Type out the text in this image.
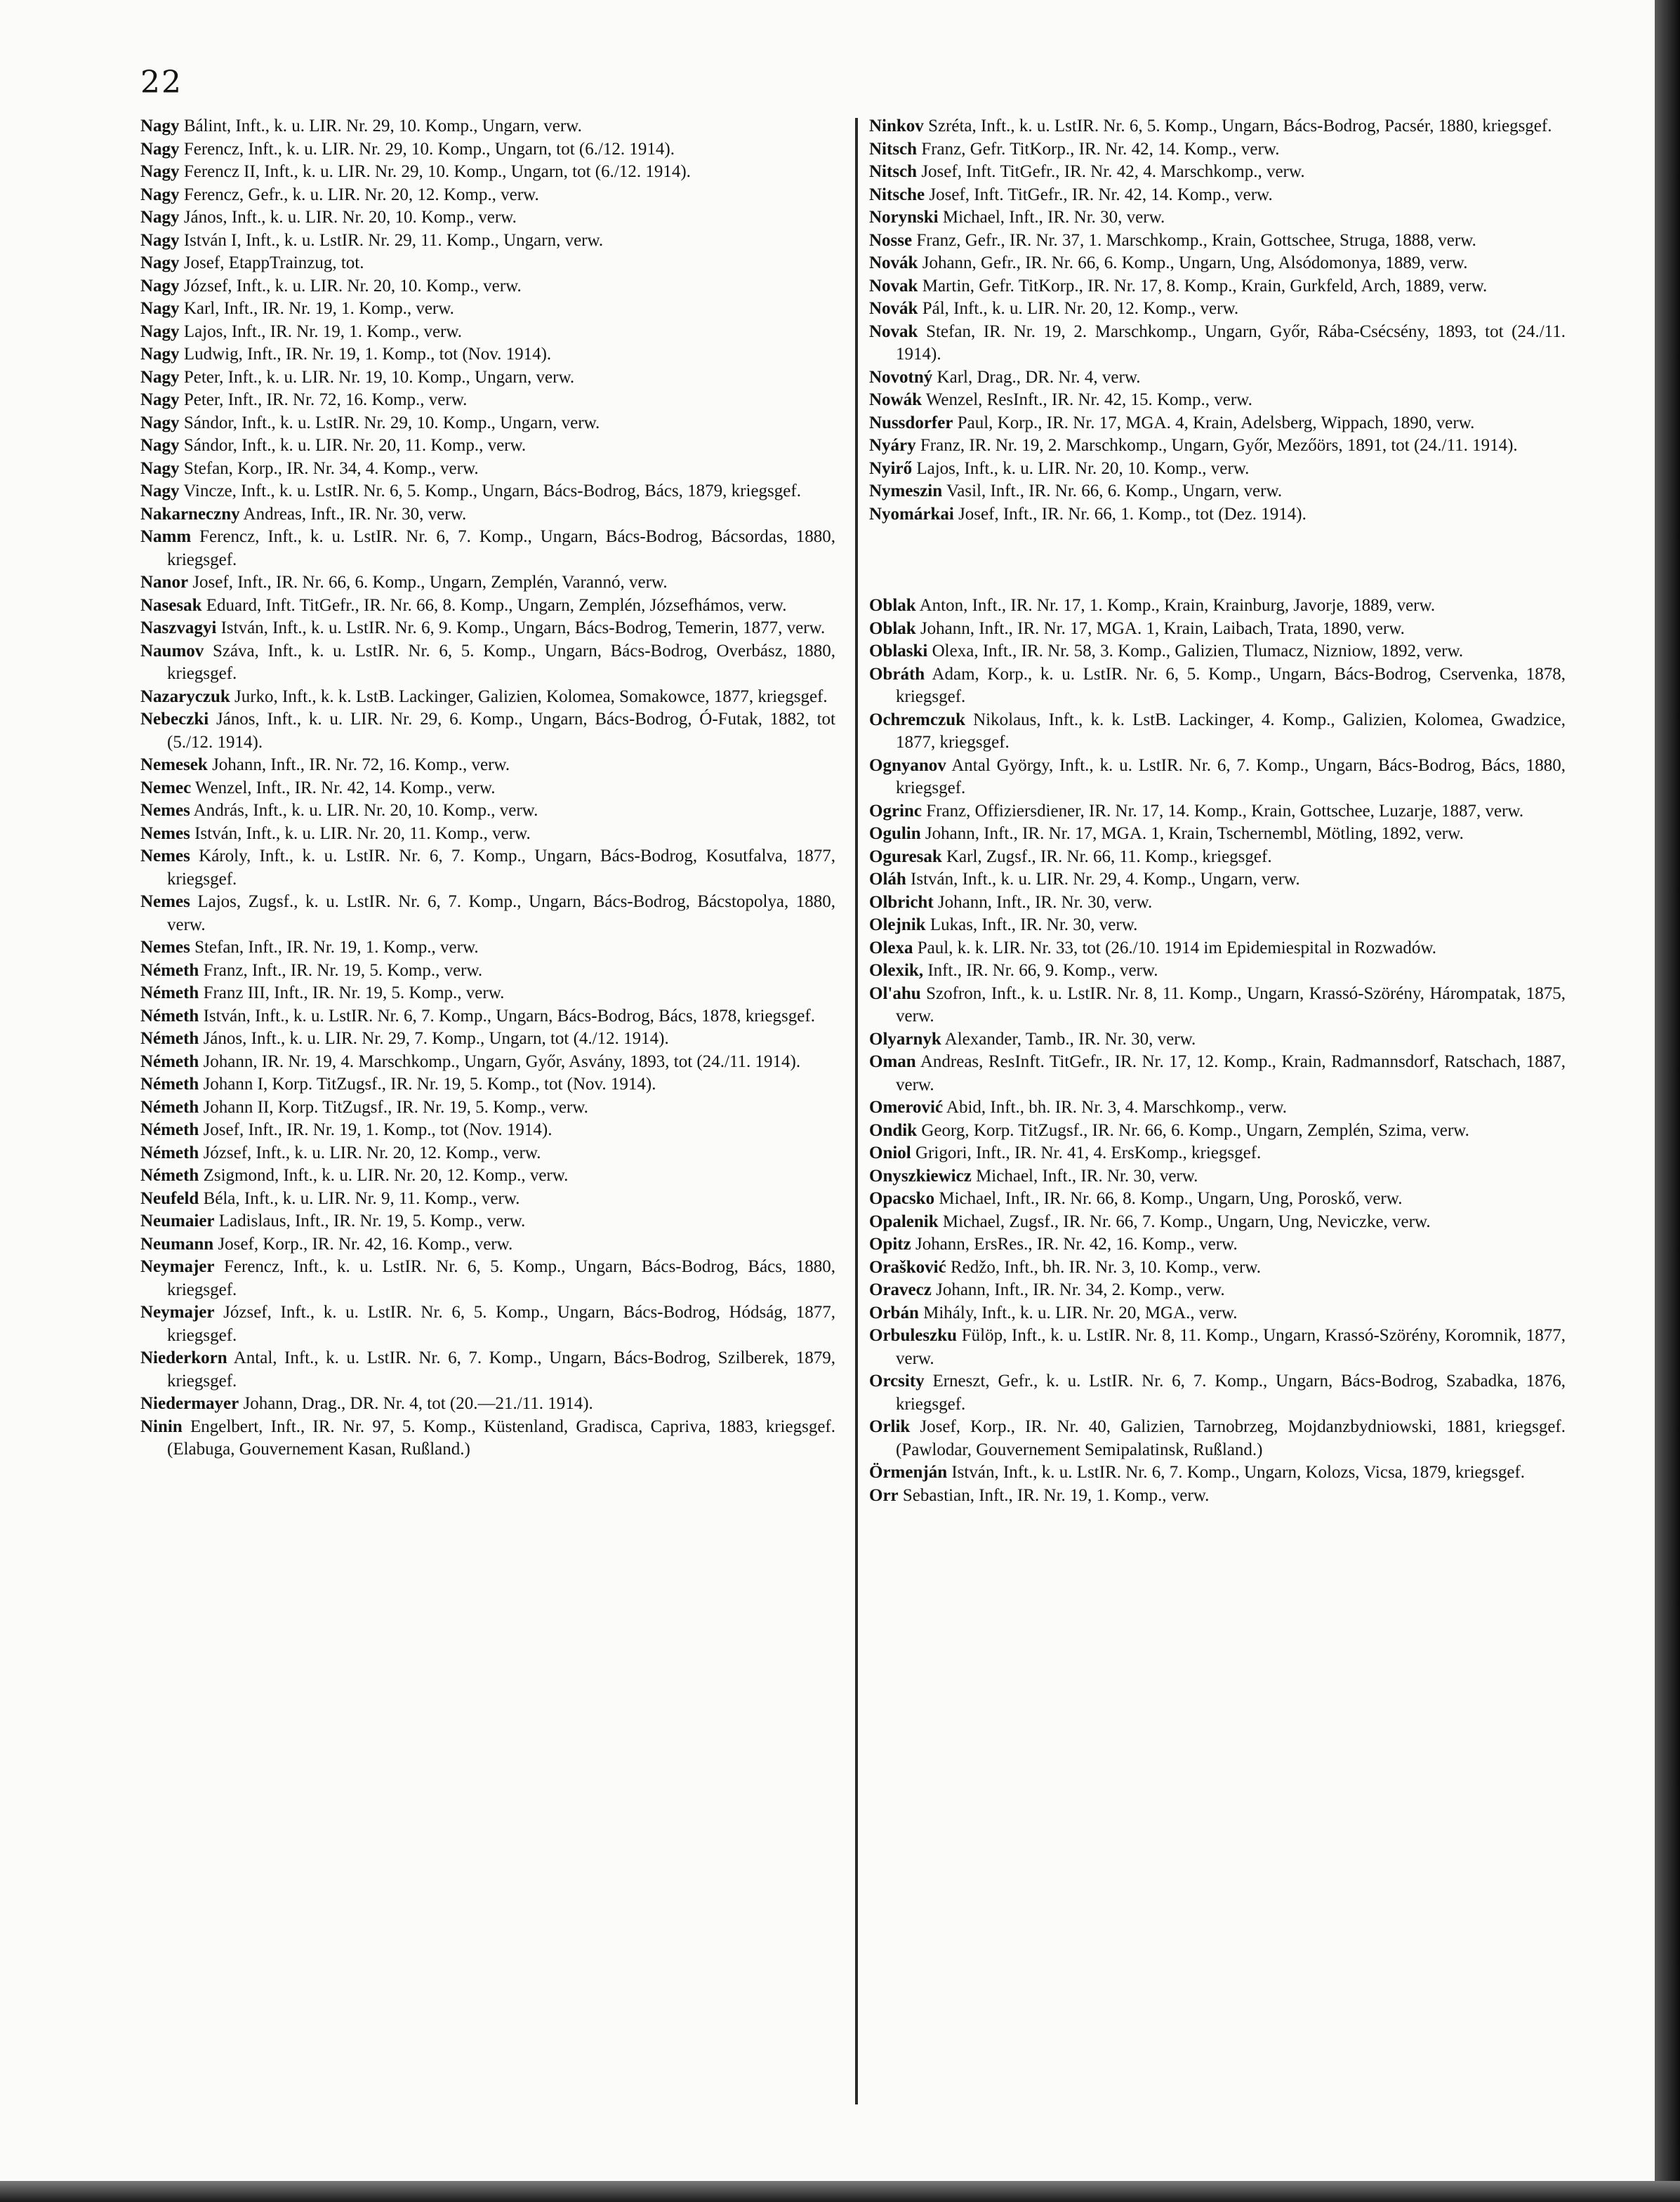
22

Nagy Bálint, Inft., k. u. LIR. Nr. 29, 10. Komp., Ungarn, verw.

Nagy Ferencz, Inft., k. u. LIR. Nr. 29, 10. Komp., Ungarn, tot (6./12. 1914).

Nagy Ferencz II, Inft., k. u. LIR. Nr. 29, 10. Komp., Ungarn, tot (6./12. 1914).

Nagy Ferencz, Gefr., k. u. LIR. Nr. 20, 12. Komp., verw.

Nagy János, Inft., k. u. LIR. Nr. 20, 10. Komp., verw.

Nagy István I, Inft., k. u. LstIR. Nr. 29, 11. Komp., Ungarn, verw.

Nagy Josef, EtappTrainzug, tot.

Nagy József, Inft., k. u. LIR. Nr. 20, 10. Komp., verw.

Nagy Karl, Inft., IR. Nr. 19, 1. Komp., verw.

Nagy Lajos, Inft., IR. Nr. 19, 1. Komp., verw.

Nagy Ludwig, Inft., IR. Nr. 19, 1. Komp., tot (Nov. 1914).

Nagy Peter, Inft., k. u. LIR. Nr. 19, 10. Komp., Ungarn, verw.

Nagy Peter, Inft., IR. Nr. 72, 16. Komp., verw.

Nagy Sándor, Inft., k. u. LstIR. Nr. 29, 10. Komp., Ungarn, verw.

Nagy Sándor, Inft., k. u. LIR. Nr. 20, 11. Komp., verw.

Nagy Stefan, Korp., IR. Nr. 34, 4. Komp., verw.

Nagy Vincze, Inft., k. u. LstIR. Nr. 6, 5. Komp., Ungarn, Bács-Bodrog, Bács, 1879, kriegsgef.

Nakarneczny Andreas, Inft., IR. Nr. 30, verw.

Namm Ferencz, Inft., k. u. LstIR. Nr. 6, 7. Komp., Ungarn, Bács-Bodrog, Bácsordas, 1880, kriegsgef.

Nanor Josef, Inft., IR. Nr. 66, 6. Komp., Ungarn, Zemplén, Varannó, verw.

Nasesak Eduard, Inft. TitGefr., IR. Nr. 66, 8. Komp., Ungarn, Zemplén, Józsefhámos, verw.

Naszvagyi István, Inft., k. u. LstIR. Nr. 6, 9. Komp., Ungarn, Bács-Bodrog, Temerin, 1877, verw.

Naumov Száva, Inft., k. u. LstIR. Nr. 6, 5. Komp., Ungarn, Bács-Bodrog, Overbász, 1880, kriegsgef.

Nazaryczuk Jurko, Inft., k. k. LstB. Lackinger, Galizien, Kolomea, Somakowce, 1877, kriegsgef.

Nebeczki János, Inft., k. u. LIR. Nr. 29, 6. Komp., Ungarn, Bács-Bodrog, Ó-Futak, 1882, tot (5./12. 1914).

Nemesek Johann, Inft., IR. Nr. 72, 16. Komp., verw.

Nemec Wenzel, Inft., IR. Nr. 42, 14. Komp., verw.

Nemes András, Inft., k. u. LIR. Nr. 20, 10. Komp., verw.

Nemes István, Inft., k. u. LIR. Nr. 20, 11. Komp., verw.

Nemes Károly, Inft., k. u. LstIR. Nr. 6, 7. Komp., Ungarn, Bács-Bodrog, Kosutfalva, 1877, kriegsgef.

Nemes Lajos, Zugsf., k. u. LstIR. Nr. 6, 7. Komp., Ungarn, Bács-Bodrog, Bácstopolya, 1880, verw.

Nemes Stefan, Inft., IR. Nr. 19, 1. Komp., verw.

Németh Franz, Inft., IR. Nr. 19, 5. Komp., verw.

Németh Franz III, Inft., IR. Nr. 19, 5. Komp., verw.

Németh István, Inft., k. u. LstIR. Nr. 6, 7. Komp., Ungarn, Bács-Bodrog, Bács, 1878, kriegsgef.

Németh János, Inft., k. u. LIR. Nr. 29, 7. Komp., Ungarn, tot (4./12. 1914).

Németh Johann, IR. Nr. 19, 4. Marschkomp., Ungarn, Győr, Asvány, 1893, tot (24./11. 1914).

Németh Johann I, Korp. TitZugsf., IR. Nr. 19, 5. Komp., tot (Nov. 1914).

Németh Johann II, Korp. TitZugsf., IR. Nr. 19, 5. Komp., verw.

Németh Josef, Inft., IR. Nr. 19, 1. Komp., tot (Nov. 1914).

Németh József, Inft., k. u. LIR. Nr. 20, 12. Komp., verw.

Németh Zsigmond, Inft., k. u. LIR. Nr. 20, 12. Komp., verw.

Neufeld Béla, Inft., k. u. LIR. Nr. 9, 11. Komp., verw.

Neumaier Ladislaus, Inft., IR. Nr. 19, 5. Komp., verw.

Neumann Josef, Korp., IR. Nr. 42, 16. Komp., verw.

Neymajer Ferencz, Inft., k. u. LstIR. Nr. 6, 5. Komp., Ungarn, Bács-Bodrog, Bács, 1880, kriegsgef.

Neymajer József, Inft., k. u. LstIR. Nr. 6, 5. Komp., Ungarn, Bács-Bodrog, Hódság, 1877, kriegsgef.

Niederkorn Antal, Inft., k. u. LstIR. Nr. 6, 7. Komp., Ungarn, Bács-Bodrog, Szilberek, 1879, kriegsgef.

Niedermayer Johann, Drag., DR. Nr. 4, tot (20.—21./11. 1914).

Ninin Engelbert, Inft., IR. Nr. 97, 5. Komp., Küstenland, Gradisca, Capriva, 1883, kriegsgef. (Elabuga, Gouvernement Kasan, Rußland.)

Ninkov Szréta, Inft., k. u. LstIR. Nr. 6, 5. Komp., Ungarn, Bács-Bodrog, Pacsér, 1880, kriegsgef.

Nitsch Franz, Gefr. TitKorp., IR. Nr. 42, 14. Komp., verw.

Nitsch Josef, Inft. TitGefr., IR. Nr. 42, 4. Marschkomp., verw.

Nitsche Josef, Inft. TitGefr., IR. Nr. 42, 14. Komp., verw.

Norynski Michael, Inft., IR. Nr. 30, verw.

Nosse Franz, Gefr., IR. Nr. 37, 1. Marschkomp., Krain, Gottschee, Struga, 1888, verw.

Novák Johann, Gefr., IR. Nr. 66, 6. Komp., Ungarn, Ung, Alsódomonya, 1889, verw.

Novak Martin, Gefr. TitKorp., IR. Nr. 17, 8. Komp., Krain, Gurkfeld, Arch, 1889, verw.

Novák Pál, Inft., k. u. LIR. Nr. 20, 12. Komp., verw.

Novak Stefan, IR. Nr. 19, 2. Marschkomp., Ungarn, Győr, Rába-Csécsény, 1893, tot (24./11. 1914).

Novotný Karl, Drag., DR. Nr. 4, verw.

Nowák Wenzel, ResInft., IR. Nr. 42, 15. Komp., verw.

Nussdorfer Paul, Korp., IR. Nr. 17, MGA. 4, Krain, Adelsberg, Wippach, 1890, verw.

Nyáry Franz, IR. Nr. 19, 2. Marschkomp., Ungarn, Győr, Mezőörs, 1891, tot (24./11. 1914).

Nyirő Lajos, Inft., k. u. LIR. Nr. 20, 10. Komp., verw.

Nymeszin Vasil, Inft., IR. Nr. 66, 6. Komp., Ungarn, verw.

Nyomárkai Josef, Inft., IR. Nr. 66, 1. Komp., tot (Dez. 1914).

Oblak Anton, Inft., IR. Nr. 17, 1. Komp., Krain, Krainburg, Javorje, 1889, verw.

Oblak Johann, Inft., IR. Nr. 17, MGA. 1, Krain, Laibach, Trata, 1890, verw.

Oblaski Olexa, Inft., IR. Nr. 58, 3. Komp., Galizien, Tlumacz, Nizniow, 1892, verw.

Obráth Adam, Korp., k. u. LstIR. Nr. 6, 5. Komp., Ungarn, Bács-Bodrog, Cservenka, 1878, kriegsgef.

Ochremczuk Nikolaus, Inft., k. k. LstB. Lackinger, 4. Komp., Galizien, Kolomea, Gwadzice, 1877, kriegsgef.

Ognyanov Antal György, Inft., k. u. LstIR. Nr. 6, 7. Komp., Ungarn, Bács-Bodrog, Bács, 1880, kriegsgef.

Ogrinc Franz, Offiziersdiener, IR. Nr. 17, 14. Komp., Krain, Gottschee, Luzarje, 1887, verw.

Ogulin Johann, Inft., IR. Nr. 17, MGA. 1, Krain, Tschernembl, Mötling, 1892, verw.

Oguresak Karl, Zugsf., IR. Nr. 66, 11. Komp., kriegsgef.

Oláh István, Inft., k. u. LIR. Nr. 29, 4. Komp., Ungarn, verw.

Olbricht Johann, Inft., IR. Nr. 30, verw.

Olejnik Lukas, Inft., IR. Nr. 30, verw.

Olexa Paul, k. k. LIR. Nr. 33, tot (26./10. 1914 im Epidemiespital in Rozwadów.

Olexik, Inft., IR. Nr. 66, 9. Komp., verw.

Ol'ahu Szofron, Inft., k. u. LstIR. Nr. 8, 11. Komp., Ungarn, Krassó-Szörény, Hárompatak, 1875, verw.

Olyarnyk Alexander, Tamb., IR. Nr. 30, verw.

Oman Andreas, ResInft. TitGefr., IR. Nr. 17, 12. Komp., Krain, Radmannsdorf, Ratschach, 1887, verw.

Omerović Abid, Inft., bh. IR. Nr. 3, 4. Marschkomp., verw.

Ondik Georg, Korp. TitZugsf., IR. Nr. 66, 6. Komp., Ungarn, Zemplén, Szima, verw.

Oniol Grigori, Inft., IR. Nr. 41, 4. ErsKomp., kriegsgef.

Onyszkiewicz Michael, Inft., IR. Nr. 30, verw.

Opacsko Michael, Inft., IR. Nr. 66, 8. Komp., Ungarn, Ung, Poroskő, verw.

Opalenik Michael, Zugsf., IR. Nr. 66, 7. Komp., Ungarn, Ung, Neviczke, verw.

Opitz Johann, ErsRes., IR. Nr. 42, 16. Komp., verw.

Orašković Redžo, Inft., bh. IR. Nr. 3, 10. Komp., verw.

Oravecz Johann, Inft., IR. Nr. 34, 2. Komp., verw.

Orbán Mihály, Inft., k. u. LIR. Nr. 20, MGA., verw.

Orbuleszku Fülöp, Inft., k. u. LstIR. Nr. 8, 11. Komp., Ungarn, Krassó-Szörény, Koromnik, 1877, verw.

Orcsity Erneszt, Gefr., k. u. LstIR. Nr. 6, 7. Komp., Ungarn, Bács-Bodrog, Szabadka, 1876, kriegsgef.

Orlik Josef, Korp., IR. Nr. 40, Galizien, Tarnobrzeg, Mojdanzbydniowski, 1881, kriegsgef. (Pawlodar, Gouvernement Semipalatinsk, Rußland.)

Örmenján István, Inft., k. u. LstIR. Nr. 6, 7. Komp., Ungarn, Kolozs, Vicsa, 1879, kriegsgef.

Orr Sebastian, Inft., IR. Nr. 19, 1. Komp., verw.
